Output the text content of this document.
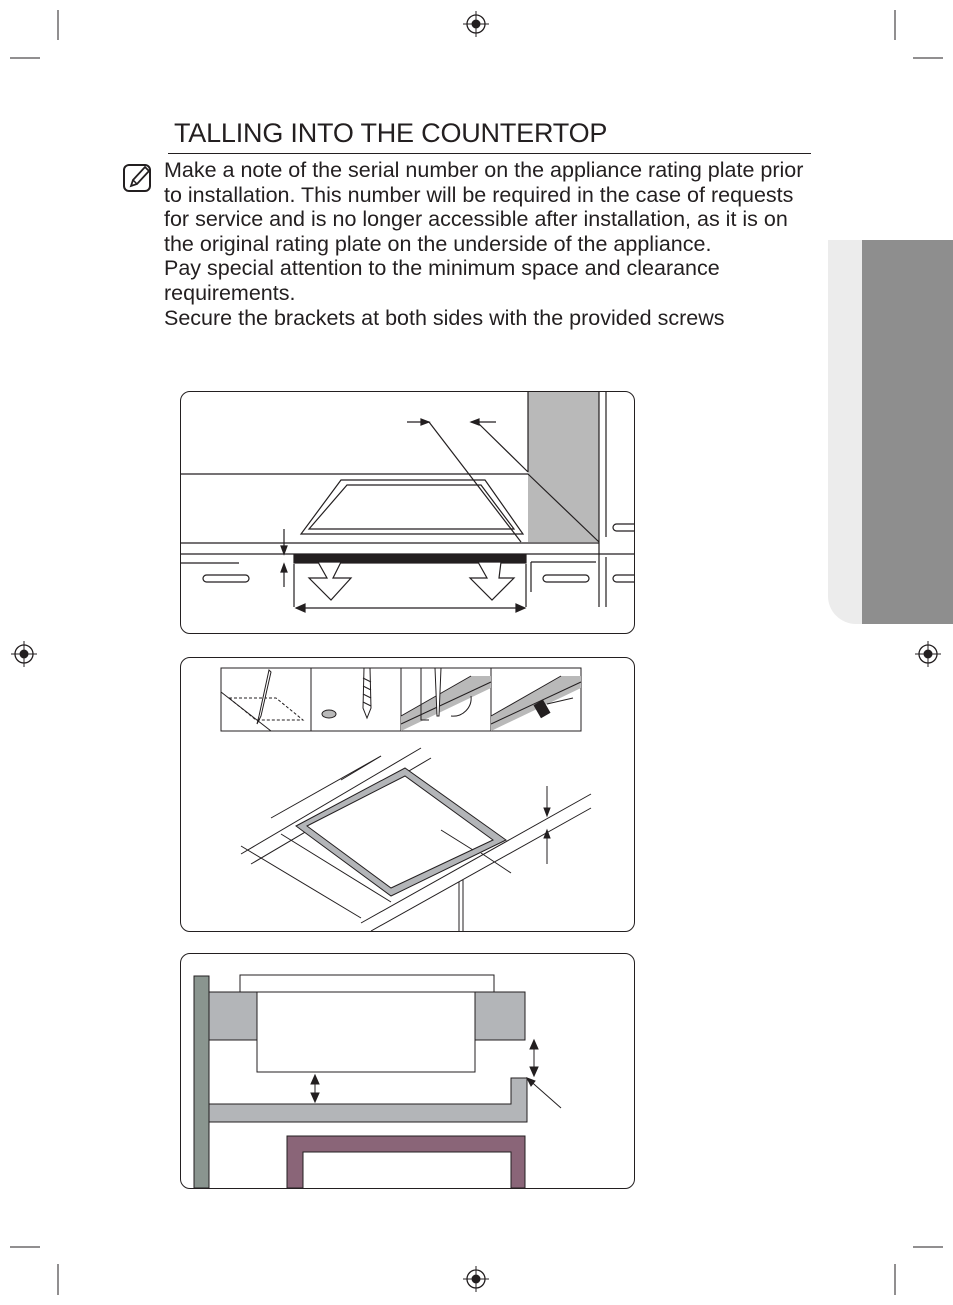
TALLING INTO THE COUNTERTOP

Make a note of the serial number on the appliance rating plate prior to installation. This number will be required in the case of requests for service and is no longer accessible after installation, as it is on the original rating plate on the underside of the appliance.

Pay special attention to the minimum space and clearance requirements.

Secure the brackets at both sides with the provided screws
